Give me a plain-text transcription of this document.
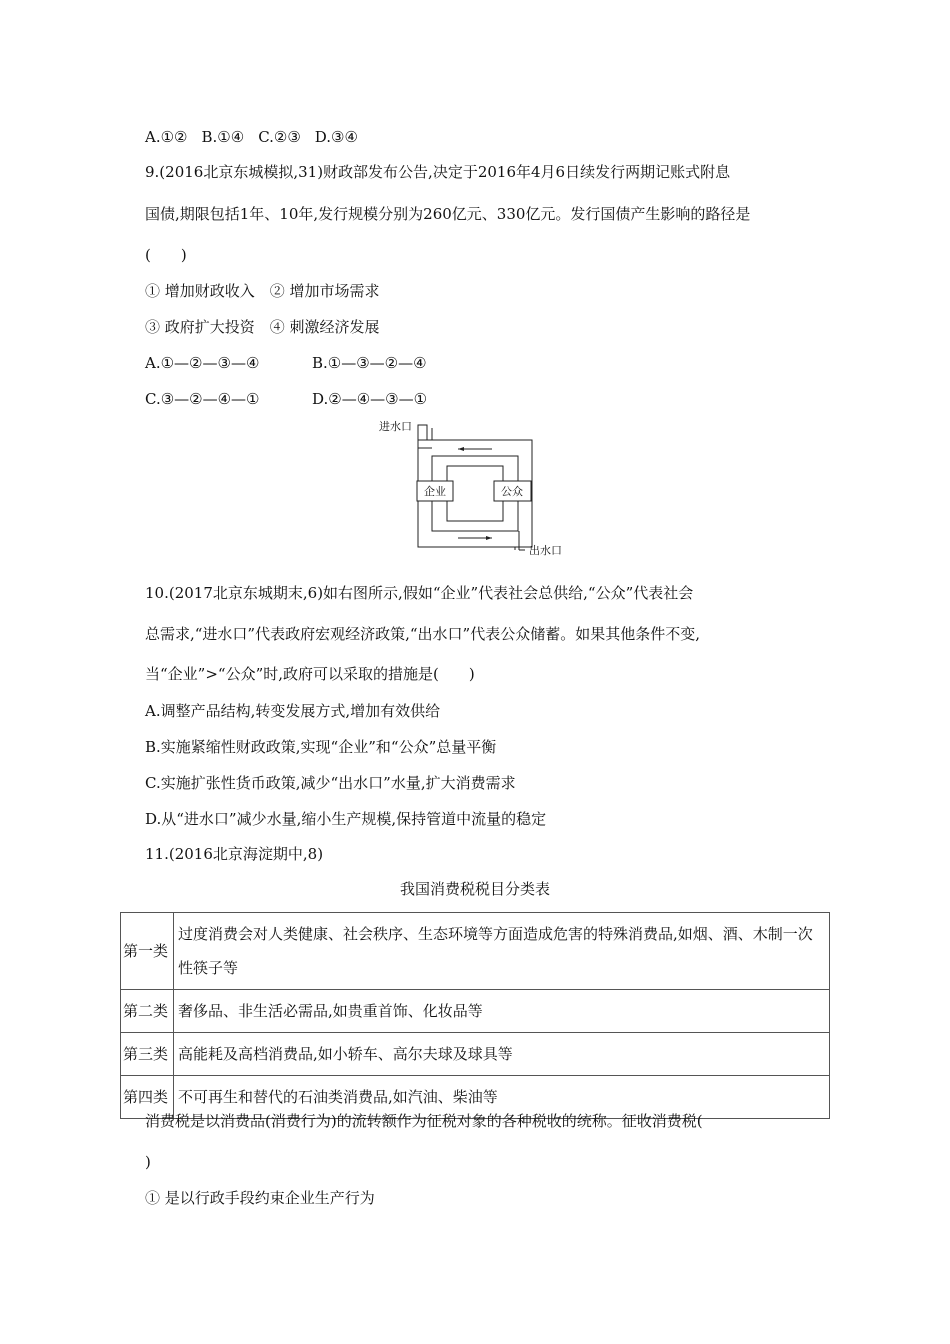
A.①② B.①④ C.②③ D.③④
9.(2016北京东城模拟,31)财政部发布公告,决定于2016年4月6日续发行两期记账式附息
国债,期限包括1年、10年,发行规模分别为260亿元、330亿元。发行国债产生影响的路径是
(　　)
① 增加财政收入　② 增加市场需求
③ 政府扩大投资　④ 刺激经济发展
A.①—②—③—④	B.①—③—②—④
C.③—②—④—①	D.②—④—③—①
企业	公众
进水口
出水口
10.(2017北京东城期末,6)如右图所示,假如“企业”代表社会总供给,“公众”代表社会
总需求,“进水口”代表政府宏观经济政策,“出水口”代表公众储蓄。如果其他条件不变,
当“企业”>“公众”时,政府可以采取的措施是(　　)
A.调整产品结构,转变发展方式,增加有效供给
B.实施紧缩性财政政策,实现“企业”和“公众”总量平衡
C.实施扩张性货币政策,减少“出水口”水量,扩大消费需求
D.从“进水口”减少水量,缩小生产规模,保持管道中流量的稳定
11.(2016北京海淀期中,8)
我国消费税税目分类表
第一类	过度消费会对人类健康、社会秩序、生态环境等方面造成危害的特殊消费品,如烟、酒、木制一次性筷子等
第二类	奢侈品、非生活必需品,如贵重首饰、化妆品等
第三类	高能耗及高档消费品,如小轿车、高尔夫球及球具等
第四类	不可再生和替代的石油类消费品,如汽油、柴油等
消费税是以消费品(消费行为)的流转额作为征税对象的各种税收的统称。征收消费税(
)
① 是以行政手段约束企业生产行为
